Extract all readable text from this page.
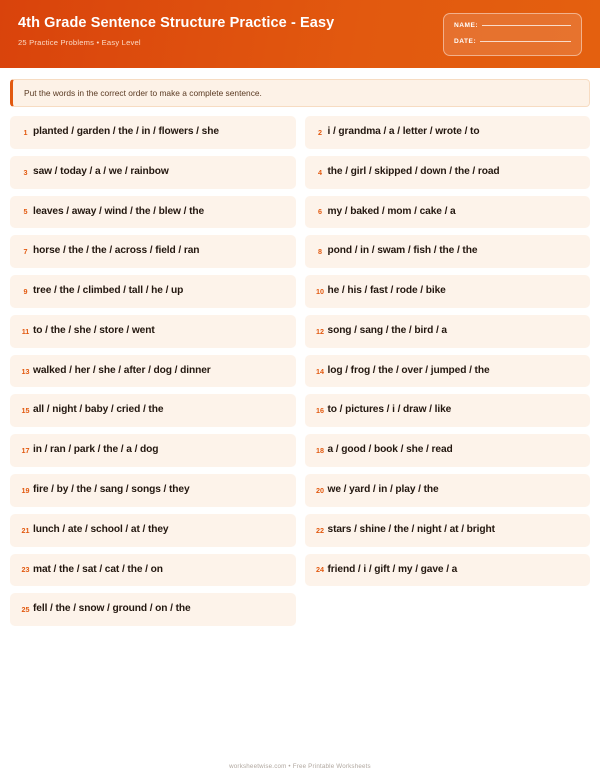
4th Grade Sentence Structure Practice - Easy
25 Practice Problems • Easy Level
NAME:
DATE:
Put the words in the correct order to make a complete sentence.
1 planted / garden / the / in / flowers / she	2 i / grandma / a / letter / wrote / to
3 saw / today / a / we / rainbow	4 the / girl / skipped / down / the / road
5 leaves / away / wind / the / blew / the	6 my / baked / mom / cake / a
7 horse / the / the / across / field / ran	8 pond / in / swam / fish / the / the
9 tree / the / climbed / tall / he / up	10 he / his / fast / rode / bike
11 to / the / she / store / went	12 song / sang / the / bird / a
13 walked / her / she / after / dog / dinner	14 log / frog / the / over / jumped / the
15 all / night / baby / cried / the	16 to / pictures / i / draw / like
17 in / ran / park / the / a / dog	18 a / good / book / she / read
19 fire / by / the / sang / songs / they	20 we / yard / in / play / the
21 lunch / ate / school / at / they	22 stars / shine / the / night / at / bright
23 mat / the / sat / cat / the / on	24 friend / i / gift / my / gave / a
25 fell / the / snow / ground / on / the
worksheetwise.com • Free Printable Worksheets
